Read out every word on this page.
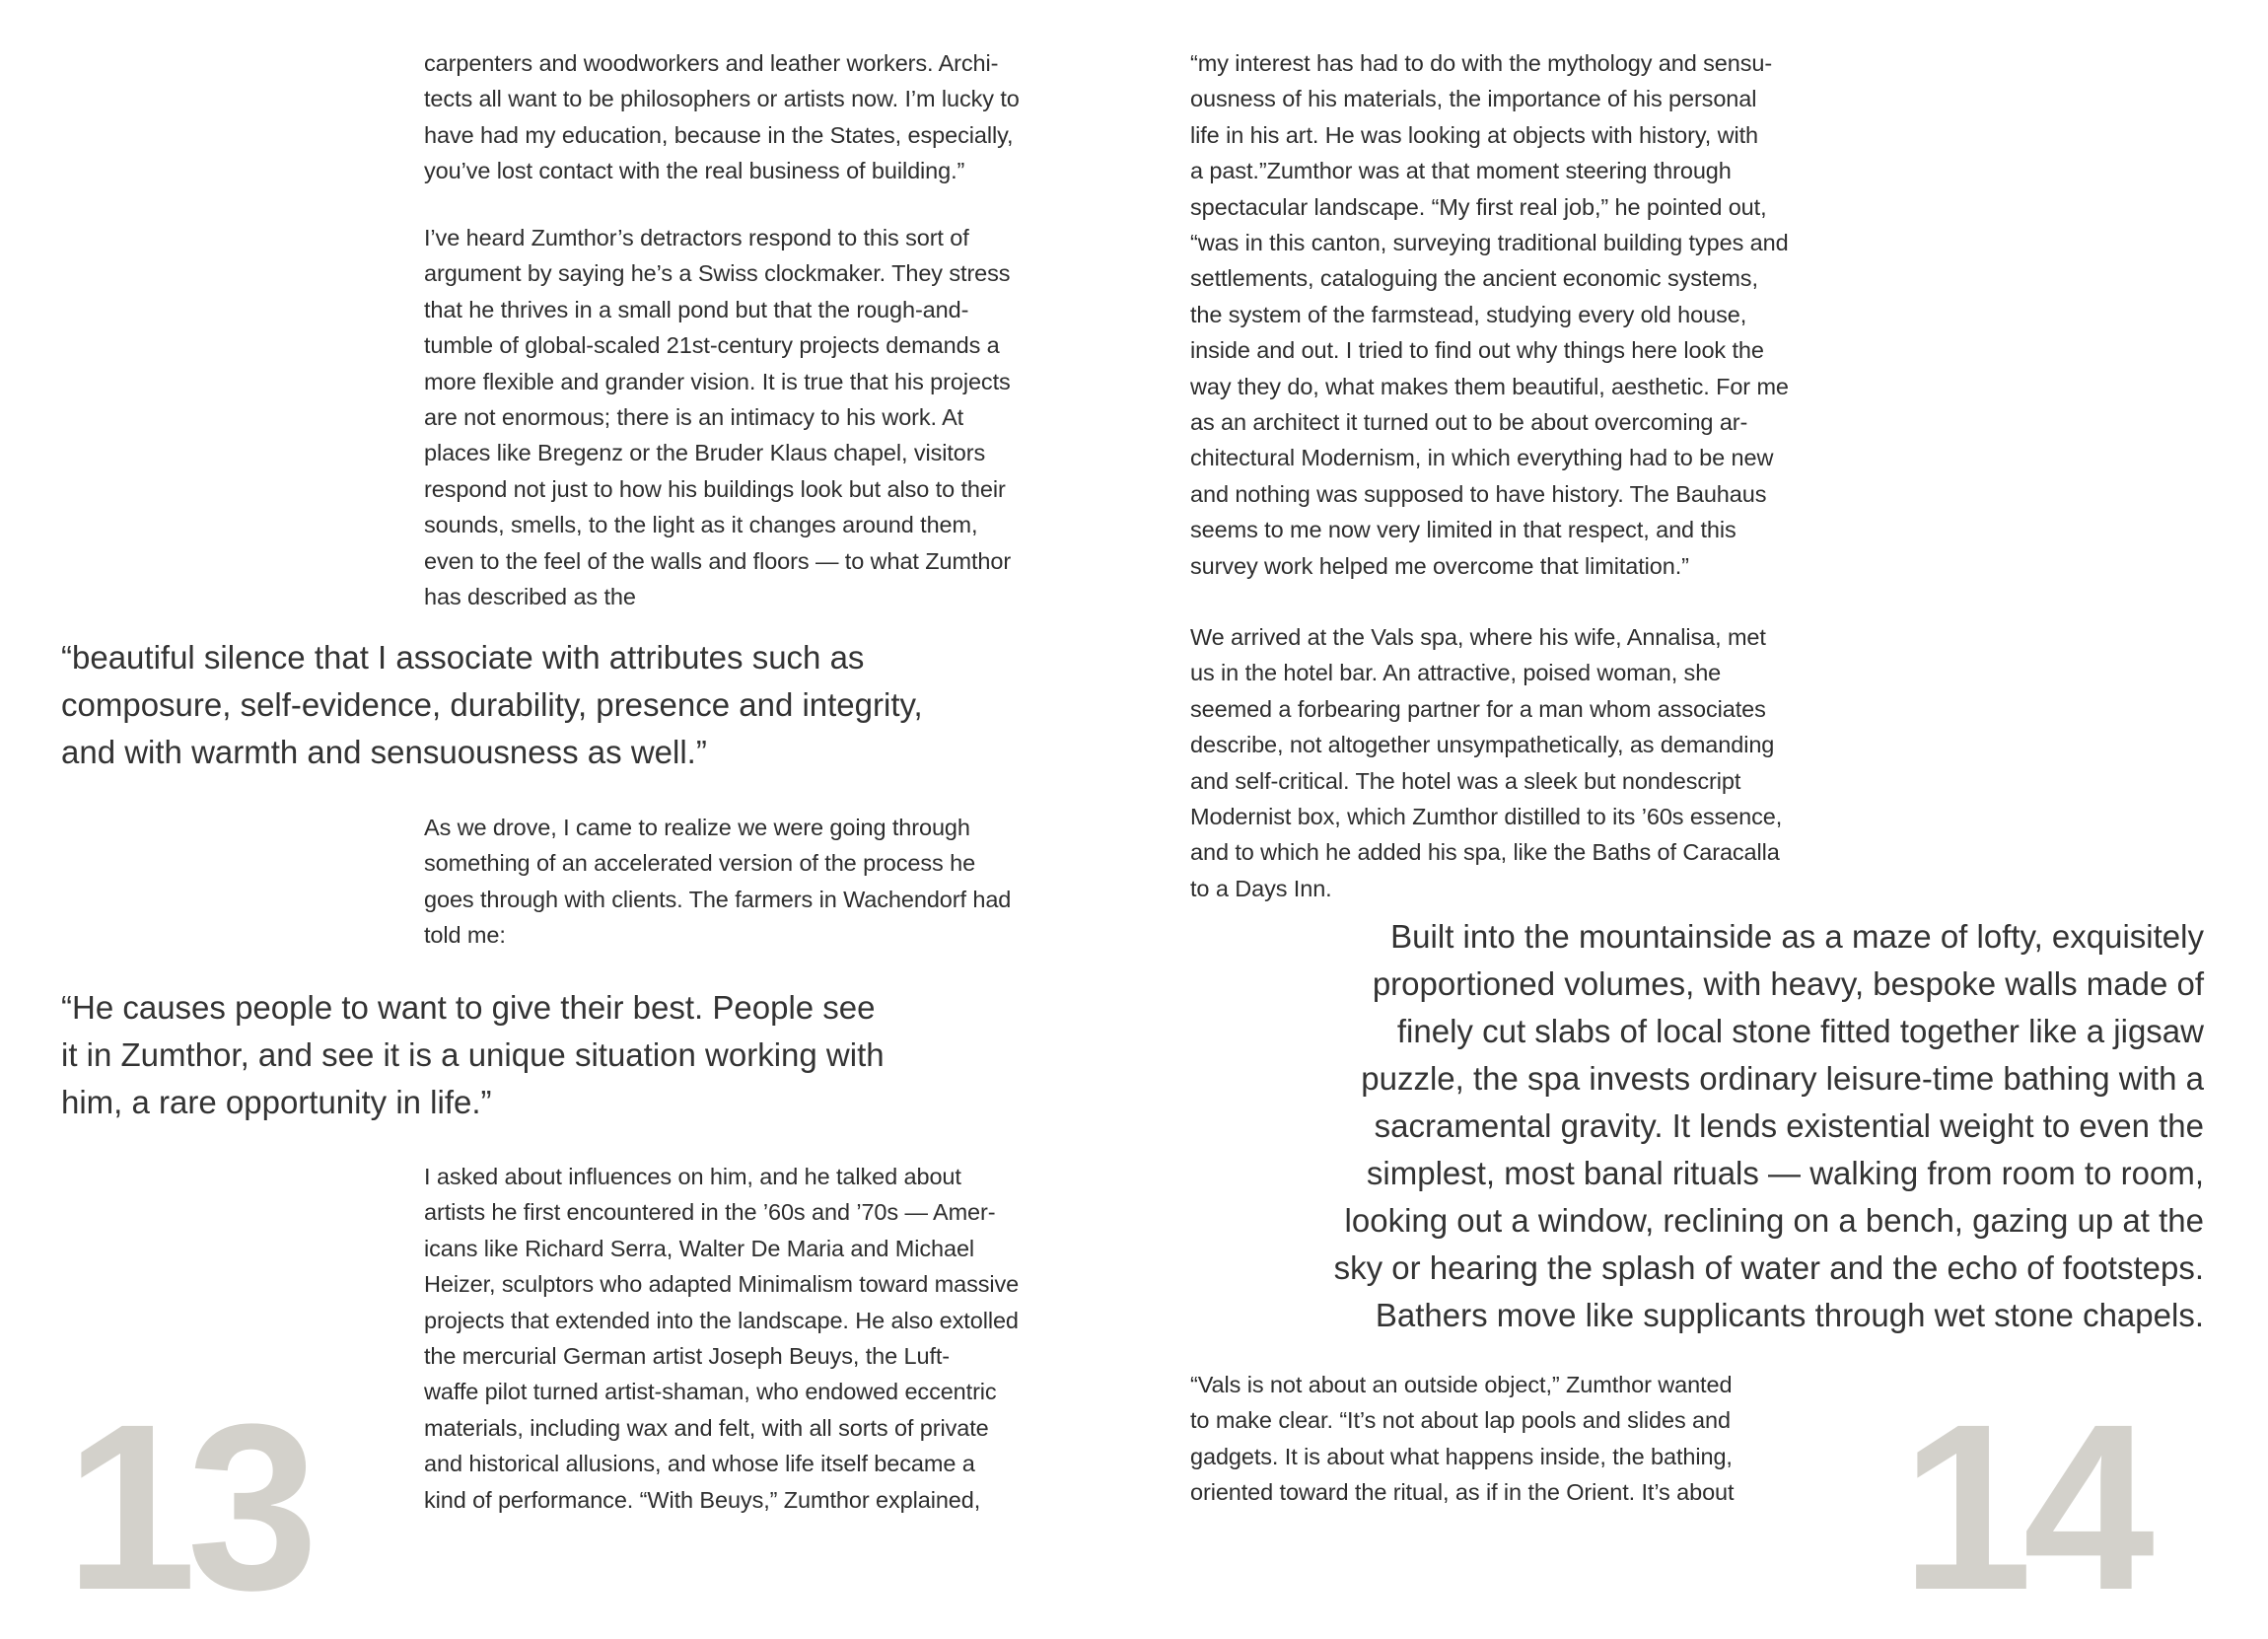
carpenters and woodworkers and leather workers. Archi-
tects all want to be philosophers or artists now. I’m lucky to
have had my education, because in the States, especially,
you’ve lost contact with the real business of building.”

I’ve heard Zumthor’s detractors respond to this sort of
argument by saying he’s a Swiss clockmaker. They stress
that he thrives in a small pond but that the rough-and-
tumble of global-scaled 21st-century projects demands a
more flexible and grander vision. It is true that his projects
are not enormous; there is an intimacy to his work. At
places like Bregenz or the Bruder Klaus chapel, visitors
respond not just to how his buildings look but also to their
sounds, smells, to the light as it changes around them,
even to the feel of the walls and floors — to what Zumthor
has described as the

“beautiful silence that I associate with attributes such as
composure, self-evidence, durability, presence and integrity,
and with warmth and sensuousness as well.”

As we drove, I came to realize we were going through
something of an accelerated version of the process he
goes through with clients. The farmers in Wachendorf had
told me:

“He causes people to want to give their best. People see
it in Zumthor, and see it is a unique situation working with
him, a rare opportunity in life.”

I asked about influences on him, and he talked about
artists he first encountered in the ’60s and ’70s — Amer-
icans like Richard Serra, Walter De Maria and Michael
Heizer, sculptors who adapted Minimalism toward massive
projects that extended into the landscape. He also extolled
the mercurial German artist Joseph Beuys, the Luft-
waffe pilot turned artist-shaman, who endowed eccentric
materials, including wax and felt, with all sorts of private
and historical allusions, and whose life itself became a
kind of performance. “With Beuys,” Zumthor explained,

13

“my interest has had to do with the mythology and sensu-
ousness of his materials, the importance of his personal
life in his art. He was looking at objects with history, with
a past.”Zumthor was at that moment steering through
spectacular landscape. “My first real job,” he pointed out,
“was in this canton, surveying traditional building types and
settlements, cataloguing the ancient economic systems,
the system of the farmstead, studying every old house,
inside and out. I tried to find out why things here look the
way they do, what makes them beautiful, aesthetic. For me
as an architect it turned out to be about overcoming ar-
chitectural Modernism, in which everything had to be new
and nothing was supposed to have history. The Bauhaus
seems to me now very limited in that respect, and this
survey work helped me overcome that limitation.”

We arrived at the Vals spa, where his wife, Annalisa, met
us in the hotel bar. An attractive, poised woman, she
seemed a forbearing partner for a man whom associates
describe, not altogether unsympathetically, as demanding
and self-critical. The hotel was a sleek but nondescript
Modernist box, which Zumthor distilled to its ’60s essence,
and to which he added his spa, like the Baths of Caracalla
to a Days Inn.

Built into the mountainside as a maze of lofty, exquisitely
proportioned volumes, with heavy, bespoke walls made of
finely cut slabs of local stone fitted together like a jigsaw
puzzle, the spa invests ordinary leisure-time bathing with a
sacramental gravity. It lends existential weight to even the
simplest, most banal rituals — walking from room to room,
looking out a window, reclining on a bench, gazing up at the
sky or hearing the splash of water and the echo of footsteps.
Bathers move like supplicants through wet stone chapels.

“Vals is not about an outside object,” Zumthor wanted
to make clear. “It’s not about lap pools and slides and
gadgets. It is about what happens inside, the bathing,
oriented toward the ritual, as if in the Orient. It’s about 14
